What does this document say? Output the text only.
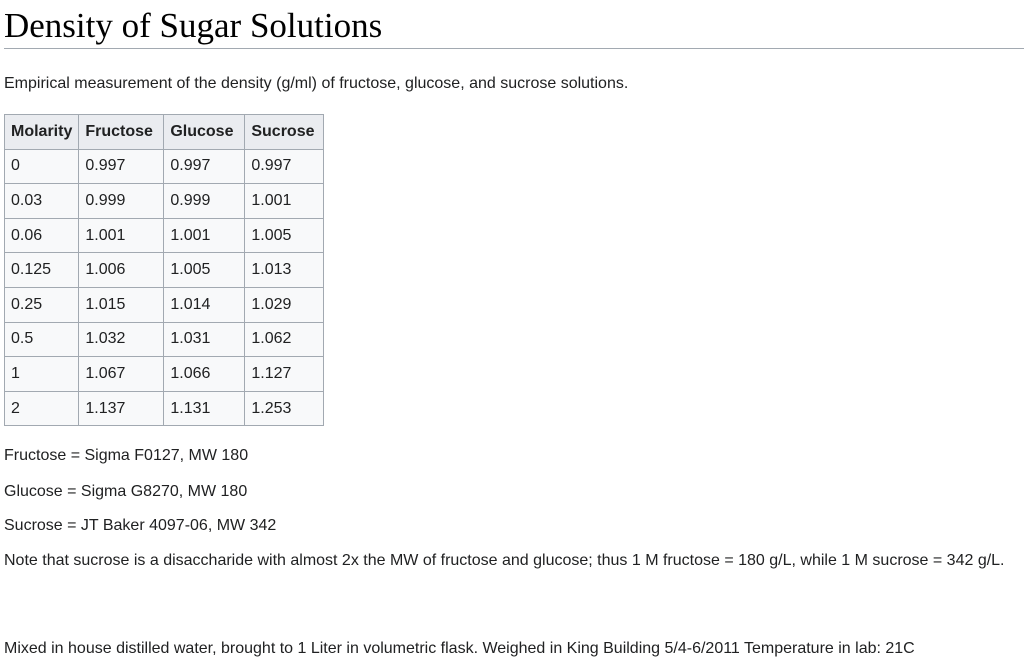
Density of Sugar Solutions
Empirical measurement of the density (g/ml) of fructose, glucose, and sucrose solutions.
Molarity	Fructose	Glucose	Sucrose
0	0.997	0.997	0.997
0.03	0.999	0.999	1.001
0.06	1.001	1.001	1.005
0.125	1.006	1.005	1.013
0.25	1.015	1.014	1.029
0.5	1.032	1.031	1.062
1	1.067	1.066	1.127
2	1.137	1.131	1.253
Fructose = Sigma F0127, MW 180
Glucose = Sigma G8270, MW 180
Sucrose = JT Baker 4097-06, MW 342
Note that sucrose is a disaccharide with almost 2x the MW of fructose and glucose; thus 1 M fructose = 180 g/L, while 1 M sucrose = 342 g/L.
Mixed in house distilled water, brought to 1 Liter in volumetric flask. Weighed in King Building 5/4-6/2011 Temperature in lab: 21C
